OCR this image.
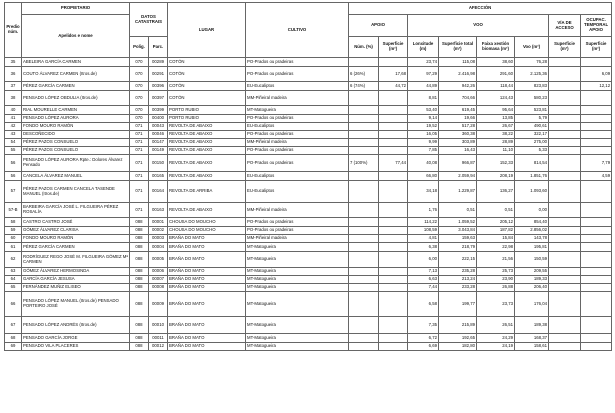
Predio núm.	PROPIETARIO	DATOS CATASTRAIS		LUGAR	CULTIVO	AFECCIÓN							
	Apelidos e nome					APOIO		VOO				VÍA DE ACCESO	OCUPAC. TEMPORAL APOIO
		Polig.	Parc.			Núm. (%)	Superficie (m²)	Lonxitude (m)	Superficie total (m²)	Faixa xestión biomasa (m²)	Voo (m²)	Superficie (m²)	Superficie (m²)
35	ABELEIRA GARCÍA CARMEN	070	00289	COTÓN	PO-Prados ou pradeiras			23,74	115,08	38,60	76,28		
36	COUTO ÁLVAREZ CARMEN (Itros.de)	070	00291	COTÓN	PO-Prados ou pradeiras	6 (26%)	17,68	97,29	2.416,98	291,60	2.125,36		6,09
37	PÉREZ GARCÍA CARMEN	070	00396	COTÓN	EU-Eucaliptos	6 (74%)	44,72	44,89	942,26	118,44	823,83		12,12
38	PENSADO LÓPEZ OBDULIA (Itros.de)	070	00397	COTÓN	MM-Piñeiral madeira			8,81	704,66	124,43	580,23		
40	RIAL MOURELLE CARMEN	070	00399	PORTO RUBIO	MT-Matogueira			53,40	619,45	95,64	523,81		
41	PENSADO LÓPEZ AURORA	070	00400	PORTO RUBIO	PO-Prados ou pradeiras			9,14	19,66	13,85	5,79		
42	FONDO MOURO RAMÓN	071	00043	REVOLTA DE ABAIXO	EU-Eucaliptos			19,52	517,28	26,67	490,61		
43	DESCOÑECIDO	071	00046	REVOLTA DE ABAIXO	PO-Prados ou pradeiras			16,05	360,38	38,22	322,17		
54	PÉREZ PAZOS CONSUELO	071	00147	REVOLTA DE ABAIXO	MM-Piñeiral madeira			9,99	303,89	28,89	275,00		
55	PÉREZ PAZOS CONSUELO	071	00149	REVOLTA DE ABAIXO	PO-Prados ou pradeiras			7,85	16,43	11,10	5,33		
56	PENSADO LÓPEZ AURORA Rpte.: Dolores Álvarez Pensado	071	00150	REVOLTA DE ABAIXO	PO-Prados ou pradeiras	7 (100%)	77,44	40,08	966,87	152,33	814,54		7,79
56	CANCELA ÁLVAREZ MANUEL	071	00165	REVOLTA DE ABAIXO	EU-Eucaliptos			66,80	2.059,94	208,19	1.851,76		4,59
57	PÉREZ PAZOS CARMEN CANCELA TASENDE MANUEL (Itros.de)	071	00164	REVOLTA DE ARRIBA	EU-Eucaliptos			34,18	1.229,87	136,27	1.093,60		
57-B	BARBEIRA GARCÍA JOSÉ L. FILGUEIRA PÉREZ ROSALÍA	071	00163	REVOLTA DE ABAIXO	MM-Piñeiral madeira			1,76	0,51	0,51	0,00		
58	CASTRO CASTRO JOSÉ	088	00001	CHOUSA DO MOUCHO	PO-Prados ou pradeiras			114,22	1.059,52	205,12	854,40		
59	GÓMEZ ÁLVAREZ CLARISA	088	00002	CHOUSA DO MOUCHO	PO-Prados ou pradeiras			108,59	3.043,84	187,82	2.856,02		
60	FONDO MOURO RAMÓN	088	00003	BRAÑA DO MATO	MM-Piñeiral madeira			4,81	159,63	15,84	143,78		
61	PÉREZ GARCÍA CARMEN	088	00004	BRAÑA DO MATO	MT-Matogueira			6,38	218,79	22,98	195,81		
62	RODRÍGUEZ REGO JOSÉ M. FILGUEIRA GÓMEZ Mª CARMEN	088	00005	BRAÑA DO MATO	MT-Matogueira			6,00	222,15	21,56	150,59		
63	GÓMEZ ÁLVAREZ HERMOSINDA	088	00006	BRAÑA DO MATO	MT-Matogueira			7,13	235,28	25,73	209,55		
64	GARCÍA GARCÍA JESUSA	088	00007	BRAÑA DO MATO	MT-Matogueira			6,63	213,24	23,90	189,33		
65	FERNÁNDEZ MUÑIZ ELISEO	088	00008	BRAÑA DO MATO	MT-Matogueira			7,44	233,28	26,88	206,40		
66	PENSADO LÓPEZ MANUEL (Itros.de) PENSADO PORTEIRO JOSÉ	088	00009	BRAÑA DO MATO	MT-Matogueira			6,58	199,77	23,73	176,04		
67	PENSADO LÓPEZ ANDRÉS (Itros.de)	088	00010	BRAÑA DO MATO	MT-Matogueira			7,35	215,89	26,51	189,38		
68	PENSADO GARCÍA JORGE	088	00011	BRAÑA DO MATO	MT-Matogueira			6,72	192,65	24,29	168,37		
69	PENSADO VILA PLACERES	088	00012	BRAÑA DO MATO	MT-Matogueira			6,69	182,80	24,19	158,61		
